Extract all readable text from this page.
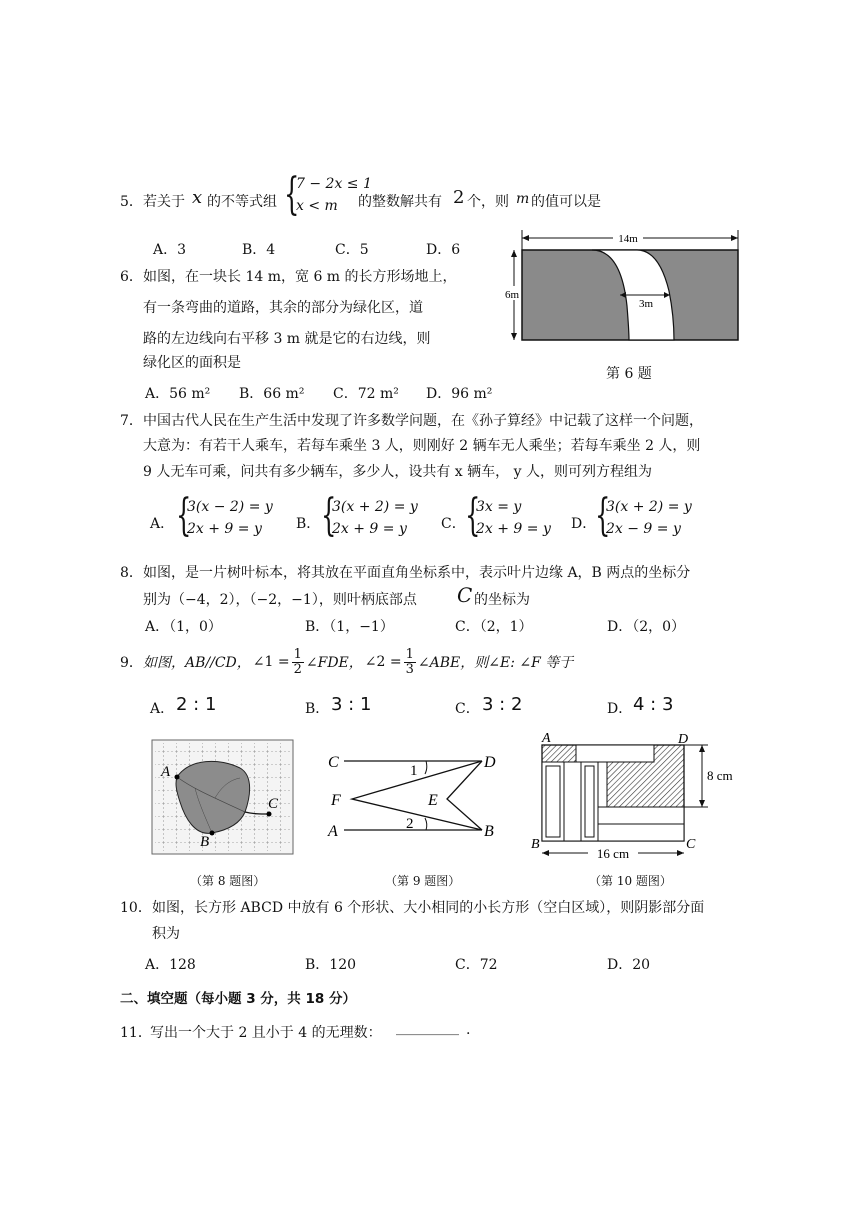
5． 若关于 x 的不等式组 {
7 − 2x ≤ 1
x < m	的整数解共有 2 个，则 m 的值可以是
A．3	B．4	C．5	D．6
6． 如图，在一块长 14 m，宽 6 m 的长方形场地上，
有一条弯曲的道路，其余的部分为绿化区，道
路的左边线向右平移 3 m 就是它的右边线，则
绿化区的面积是
A．56 m² B．66 m² C．72 m² D．96 m²
14m
6m
3m
第 6 题
7． 中国古代人民在生产生活中发现了许多数学问题，在《孙子算经》中记载了这样一个问题，
大意为：有若干人乘车，若每车乘坐 3 人，则刚好 2 辆车无人乘坐；若每车乘坐 2 人，则
9 人无车可乘，问共有多少辆车，多少人，设共有 x 辆车， y 人，则可列方程组为
A． {
3(x − 2) = y
2x + 9 = y	B． {
3(x + 2) = y
2x + 9 = y	C． {
3x = y
2x + 9 = y D．
{
3(x + 2) = y
2x − 9 = y
8． 如图，是一片树叶标本，将其放在平面直角坐标系中，表示叶片边缘 A，B 两点的坐标分
别为（−4，2），（−2，−1），则叶柄底部点 C 的坐标为
A．（1，0）	B．（1，−1）	C．（2，1）	D．（2，0）
9． 如图，AB//CD， ∠1 = $\frac{1}{2}$ ∠FDE， ∠2 = $\frac{1}{3}$ ∠ABE，则∠E: ∠F 等于
A． 2 : 1	B． 3 : 1	C． 3 : 2	D． 4 : 3
A
B
C
（第 8 题图）
C	D
F	E
A	B
1
2
（第 9 题图）
A	D
B	C
8 cm
16 cm
（第 10 题图）
10． 如图，长方形 ABCD 中放有 6 个形状、大小相同的小长方形（空白区域），则阴影部分面
积为
A．128	B．120	C．72	D．20
二、填空题（每小题 3 分，共 18 分）
11．
写出一个大于 2 且小于 4 的无理数： _________ .
